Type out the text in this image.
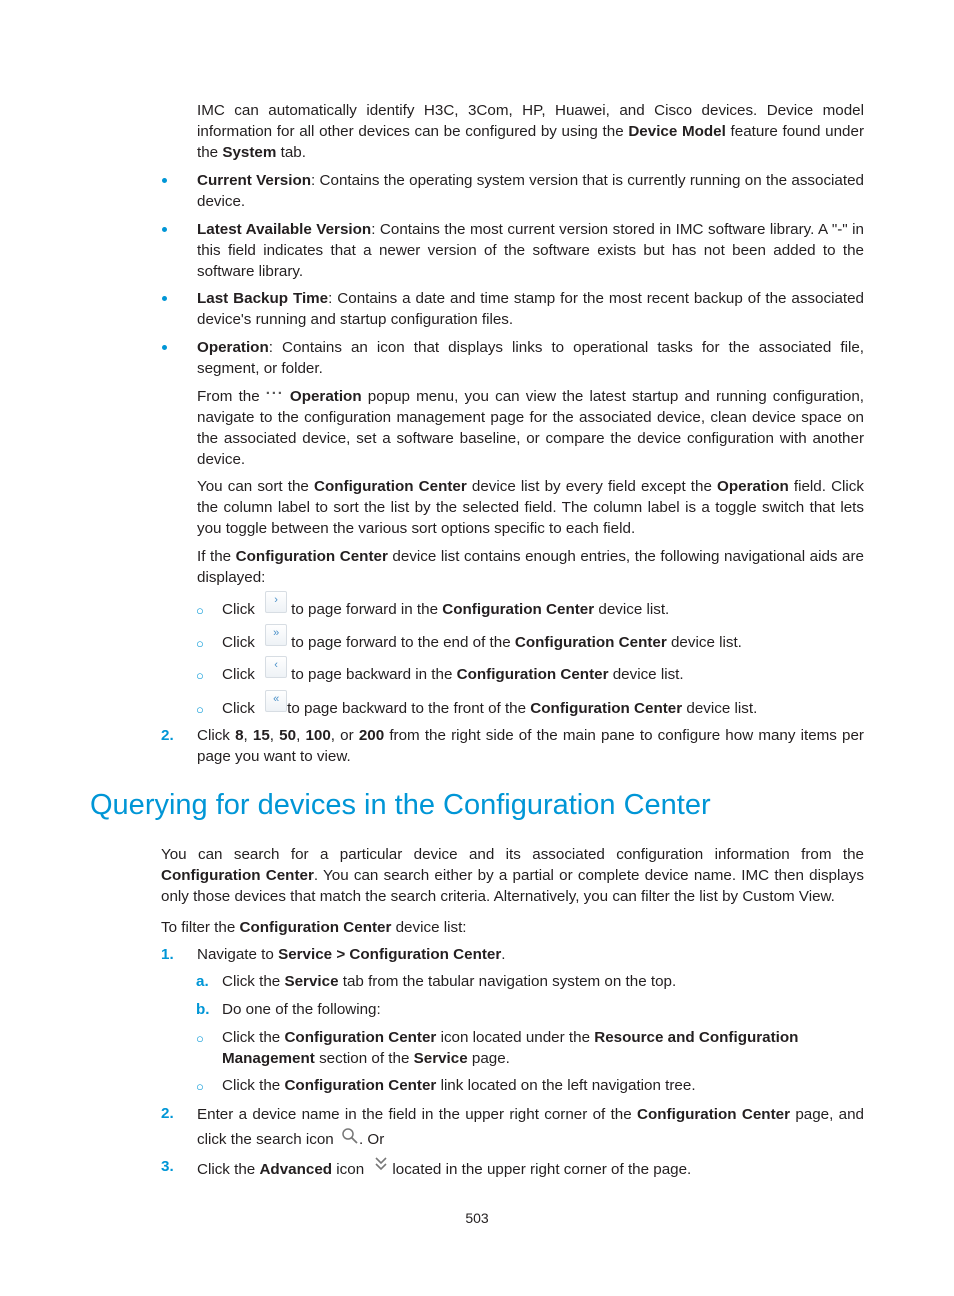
IMC can automatically identify H3C, 3Com, HP, Huawei, and Cisco devices. Device model information for all other devices can be configured by using the Device Model feature found under the System tab.
Current Version: Contains the operating system version that is currently running on the associated device.
Latest Available Version: Contains the most current version stored in IMC software library. A "-" in this field indicates that a newer version of the software exists but has not been added to the software library.
Last Backup Time: Contains a date and time stamp for the most recent backup of the associated device's running and startup configuration files.
Operation: Contains an icon that displays links to operational tasks for the associated file, segment, or folder.
From the ··· Operation popup menu, you can view the latest startup and running configuration, navigate to the configuration management page for the associated device, clean device space on the associated device, set a software baseline, or compare the device configuration with another device.
You can sort the Configuration Center device list by every field except the Operation field. Click the column label to sort the list by the selected field. The column label is a toggle switch that lets you toggle between the various sort options specific to each field.
If the Configuration Center device list contains enough entries, the following navigational aids are displayed:
○ Click ›to page forward in the Configuration Center device list.
○ Click »to page forward to the end of the Configuration Center device list.
○ Click ‹to page backward in the Configuration Center device list.
○ Click «to page backward to the front of the Configuration Center device list.
2. Click 8, 15, 50, 100, or 200 from the right side of the main pane to configure how many items per page you want to view.
Querying for devices in the Configuration Center
You can search for a particular device and its associated configuration information from the Configuration Center. You can search either by a partial or complete device name. IMC then displays only those devices that match the search criteria. Alternatively, you can filter the list by Custom View.
To filter the Configuration Center device list:
1. Navigate to Service > Configuration Center.
a. Click the Service tab from the tabular navigation system on the top.
b. Do one of the following:
○ Click the Configuration Center icon located under the Resource and Configuration Management section of the Service page.
○ Click the Configuration Center link located on the left navigation tree.
2. Enter a device name in the field in the upper right corner of the Configuration Center page, and click the search icon . Or
3. Click the Advanced icon located in the upper right corner of the page.
503
